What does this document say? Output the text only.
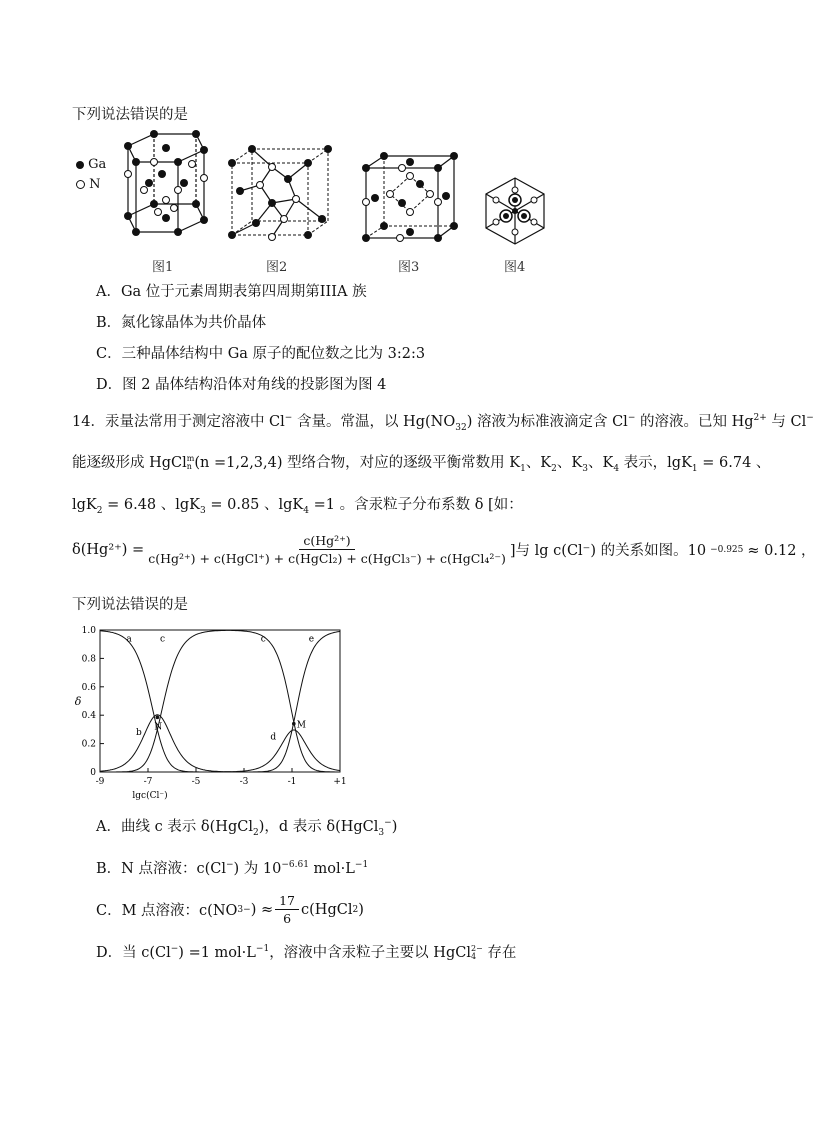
下列说法错误的是
Ga
N
图1	图2	图3	图4
A．Ga 位于元素周期表第四周期第IIIA 族
B．氮化镓晶体为共价晶体
C．三种晶体结构中 Ga 原子的配位数之比为 3:2:3
D．图 2 晶体结构沿体对角线的投影图为图 4
14．汞量法常用于测定溶液中 Cl− 含量。常温，以 $Hg(NO_{32})$ 溶液为标准液滴定含 Cl− 的溶液。已知 $Hg^{2+}$ 与 Cl−
能逐级形成 HgCl m
n (n =1,2,3,4) 型络合物，对应的逐级平衡常数用 $K_1$、$K_2$、$K_3$、$K_4$ 表示，lgK$_1$ = 6.74 、
lgK$_2$ = 6.48 、lgK$_3$ = 0.85 、lgK$_4$ =1 。含汞粒子分布系数 δ [如：
$\delta(Hg^{2+}) = \frac{\text{c(Hg²⁺)}}{\text{c(Hg²⁺) + c(HgCl⁺) + c(HgCl₂) + c(HgCl₃⁻) + c(HgCl₄²⁻)}}$ ]与 lg c(Cl⁻) 的关系如图。10 −0.925 ≈ 0.12 ，
下列说法错误的是
0
0.2
0.4
0.6
0.8
1.0
-9	-7	-5	-3	-1	+1
lgc(Cl⁻)
δ
a
b
c	c
d
e
N	M
A．曲线 c 表示 δ(HgCl$_2$)，d 表示 δ(HgCl$_3$−)
B．N 点溶液：c(Cl−) 为 $10^{-6.61}$ $mol\cdot L^{-1}$
C．M 点溶液：c(NO 3 − ) ≈ $\frac{17}{6}$ c(HgCl 2 )
D．当 c(Cl−) =1 $mol\cdot L^{-1}$，溶液中含汞粒子主要以 HgCl 2−
4 存在
